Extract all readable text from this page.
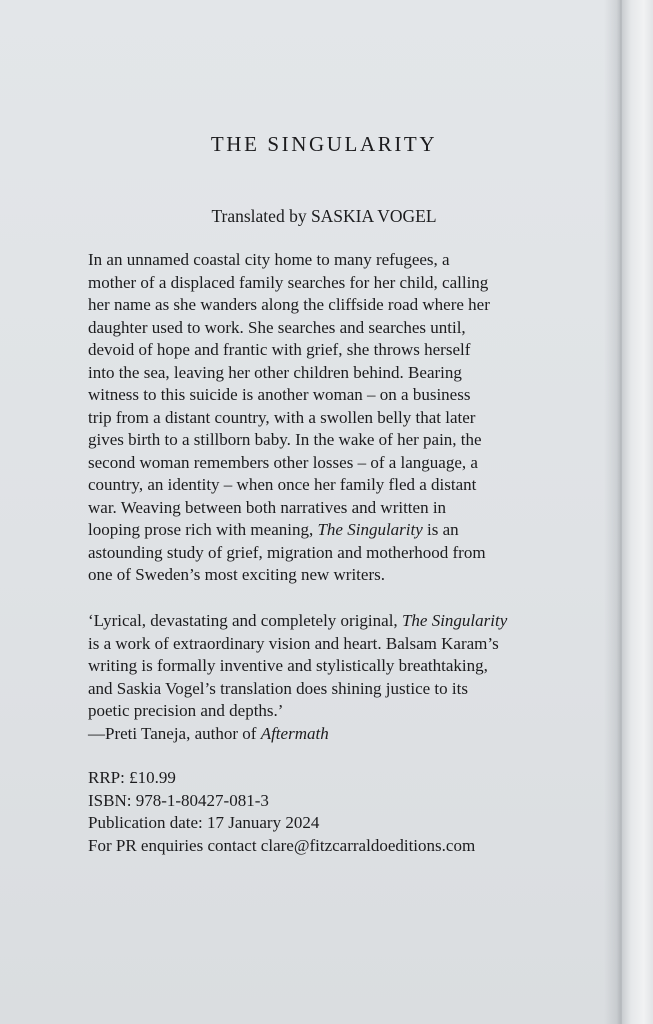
THE SINGULARITY
Translated by SASKIA VOGEL
In an unnamed coastal city home to many refugees, a
mother of a displaced family searches for her child, calling
her name as she wanders along the cliffside road where her
daughter used to work. She searches and searches until,
devoid of hope and frantic with grief, she throws herself
into the sea, leaving her other children behind. Bearing
witness to this suicide is another woman – on a business
trip from a distant country, with a swollen belly that later
gives birth to a stillborn baby. In the wake of her pain, the
second woman remembers other losses – of a language, a
country, an identity – when once her family fled a distant
war. Weaving between both narratives and written in
looping prose rich with meaning, The Singularity is an
astounding study of grief, migration and motherhood from
one of Sweden’s most exciting new writers.
‘Lyrical, devastating and completely original, The Singularity
is a work of extraordinary vision and heart. Balsam Karam’s
writing is formally inventive and stylistically breathtaking,
and Saskia Vogel’s translation does shining justice to its
poetic precision and depths.’
—Preti Taneja, author of Aftermath
RRP: £10.99
ISBN: 978-1-80427-081-3
Publication date: 17 January 2024
For PR enquiries contact clare@fitzcarraldoeditions.com
